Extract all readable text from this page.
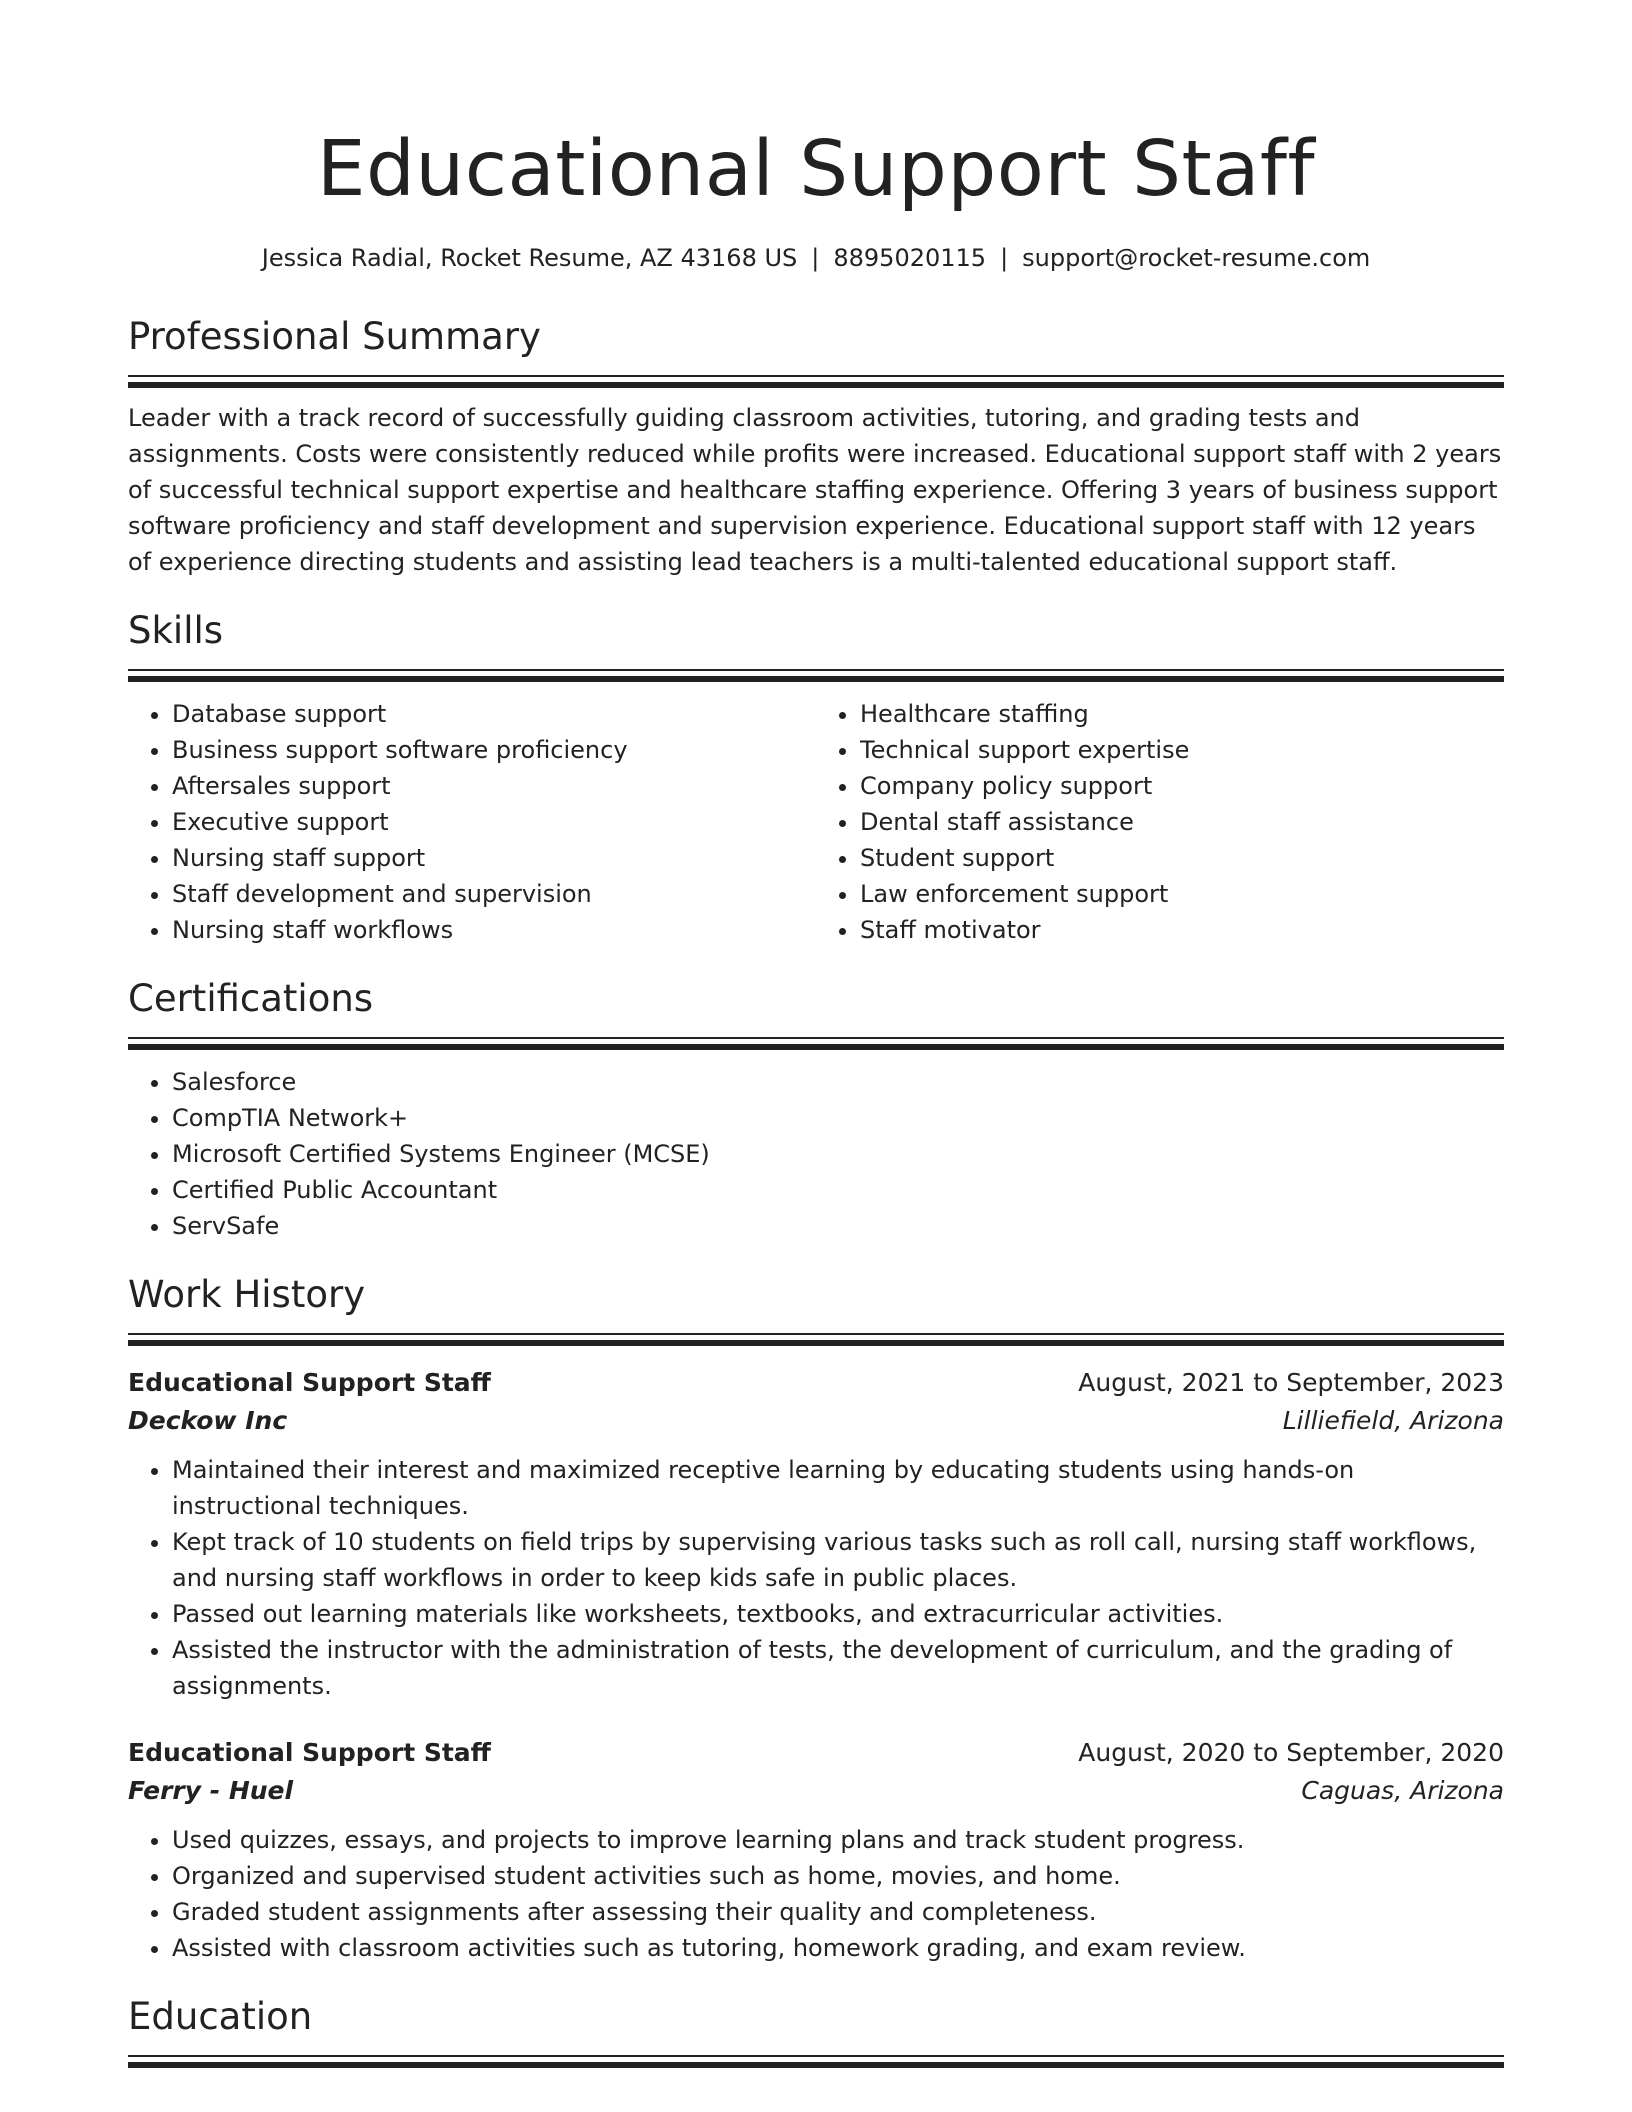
Educational Support Staff
Jessica Radial, Rocket Resume, AZ 43168 US | 8895020115 | support@rocket-resume.com
Professional Summary
Leader with a track record of successfully guiding classroom activities, tutoring, and grading tests and assignments. Costs were consistently reduced while profits were increased. Educational support staff with 2 years of successful technical support expertise and healthcare staffing experience. Offering 3 years of business support software proficiency and staff development and supervision experience. Educational support staff with 12 years of experience directing students and assisting lead teachers is a multi-talented educational support staff.
Skills
• Database support
• Business support software proficiency
• Aftersales support
• Executive support
• Nursing staff support
• Staff development and supervision
• Nursing staff workflows
• Healthcare staffing
• Technical support expertise
• Company policy support
• Dental staff assistance
• Student support
• Law enforcement support
• Staff motivator
Certifications
• Salesforce
• CompTIA Network+
• Microsoft Certified Systems Engineer (MCSE)
• Certified Public Accountant
• ServSafe
Work History
Educational Support Staff	August, 2021 to September, 2023
Deckow Inc	Lilliefield, Arizona
• Maintained their interest and maximized receptive learning by educating students using hands-on instructional techniques.
• Kept track of 10 students on field trips by supervising various tasks such as roll call, nursing staff workflows, and nursing staff workflows in order to keep kids safe in public places.
• Passed out learning materials like worksheets, textbooks, and extracurricular activities.
• Assisted the instructor with the administration of tests, the development of curriculum, and the grading of assignments.
Educational Support Staff	August, 2020 to September, 2020
Ferry - Huel	Caguas, Arizona
• Used quizzes, essays, and projects to improve learning plans and track student progress.
• Organized and supervised student activities such as home, movies, and home.
• Graded student assignments after assessing their quality and completeness.
• Assisted with classroom activities such as tutoring, homework grading, and exam review.
Education
